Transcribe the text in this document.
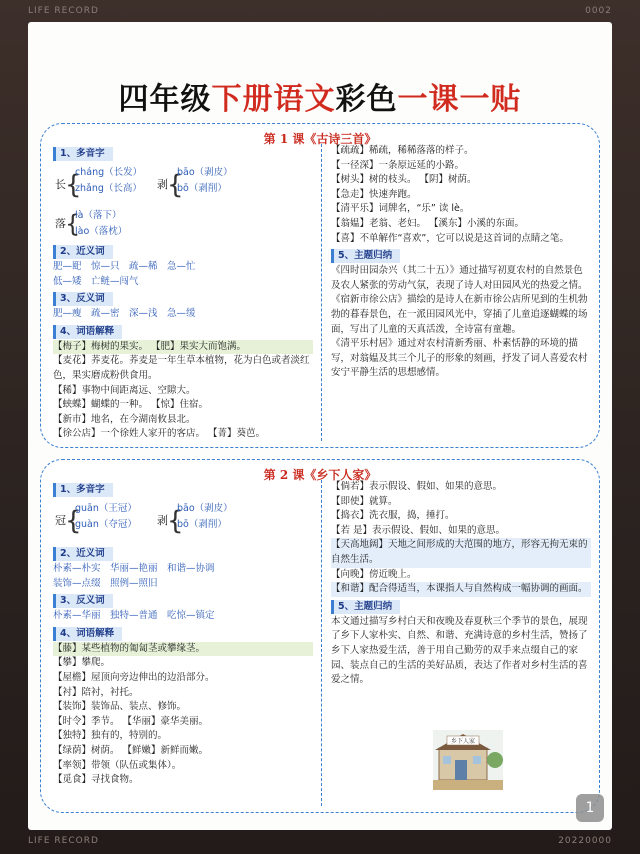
LIFE RECORD	0002
四年级下册语文彩色一课一贴
第 1 课《古诗三首》
1、多音字
长 {
cháng（长发）
zhǎng（长高） 剥 {
bāo（剥皮）
bō（剥削）
落 {
là（落下）
lào（落枕）
2、近义词
肥—巸　惊—只　疏—稀　急—忙
低—矮　亡鲢—闯气
3、反义词
肥—瘦　疏—密　深—浅　急—缓
4、词语解释
【梅子】梅树的果实。 【肥】果实大而饱满。
【麦花】荞麦花。荞麦是一年生草本植物，花为白色或者淡红色，果实磨成粉供食用。
【稀】事物中间距离远、空隙大。
【蛱蝶】蝴蝶的一种。 【惊】住宿。
【新市】地名，在今湖南攸县北。
【徐公店】一个徐姓人家开的客店。 【菁】葵芭。
【疏疏】稀疏，稀稀落落的样子。
【一径深】一条原远延的小路。
【树头】树的枝头。 【阴】树荫。
【急走】快速奔跑。
【清平乐】词牌名，“乐” 读 lè。
【翁媪】老翁、老妇。 【溪东】小溪的东面。
【喜】不单解作“喜欢”，它可以说是这首词的点睛之笔。
5、主题归纳
《四时田园杂兴（其二十五）》通过描写初夏农村的自然景色及农人紧张的劳动气氛，表现了诗人对田园风光的热爱之情。
《宿新市徐公店》描绘的是诗人在新市徐公店所见到的生机勃勃的暮春景色，在一派田园风光中，穿插了儿童追逐蝴蝶的场面，写出了儿童的天真活泼，全诗富有童趣。
《清平乐村居》通过对农村清新秀丽、朴素恬静的环境的描写，对翁媪及其三个儿子的形象的刻画，抒发了词人喜爱农村安宁平静生活的思想感情。
第 2 课《乡下人家》
1、多音字
冠 {
guān（王冠）
guàn（夺冠） 剥 {
bāo（剥皮）
bō（剥削）
2、近义词
朴素—朴实　华丽—艳丽　和谐—协调
装饰—点缀　照例—照旧
3、反义词
朴素—华丽　独特—普通　吃惊—镇定
4、词语解释
【藤】某些植物的匍匐茎或攀缘茎。
【攀】攀爬。
【屋檐】屋顶向旁边伸出的边沿部分。
【衬】陪衬，衬托。
【装饰】装饰品、装点、修饰。
【时令】季节。 【华丽】豪华美丽。
【独特】独有的，特别的。
【绿荫】树荫。 【鲜嫩】新鲜而嫩。
【率领】带领（队伍或集体）。
【觅食】寻找食物。
【倘若】表示假设、假如、如果的意思。
【即使】就算。
【捣衣】洗衣服，捣，捶打。
【若 是】表示假设、假如、如果的意思。
【天高地阔】天地之间形成的大范围的地方，形容无拘无束的自然生活。
【向晚】傍近晚上。
【和谐】配合得适当，本课指人与自然构成一幅协调的画面。
5、主题归纳
本文通过描写乡村白天和夜晚及春夏秋三个季节的景色，展现了乡下人家朴实、自然、和谐、充满诗意的乡村生活，赞扬了乡下人家热爱生活，善于用自己勤劳的双手来点缀自己的家园、装点自己的生活的美好品质，表达了作者对乡村生活的喜爱之情。
乡下人家
1
LIFE RECORD	20220000
